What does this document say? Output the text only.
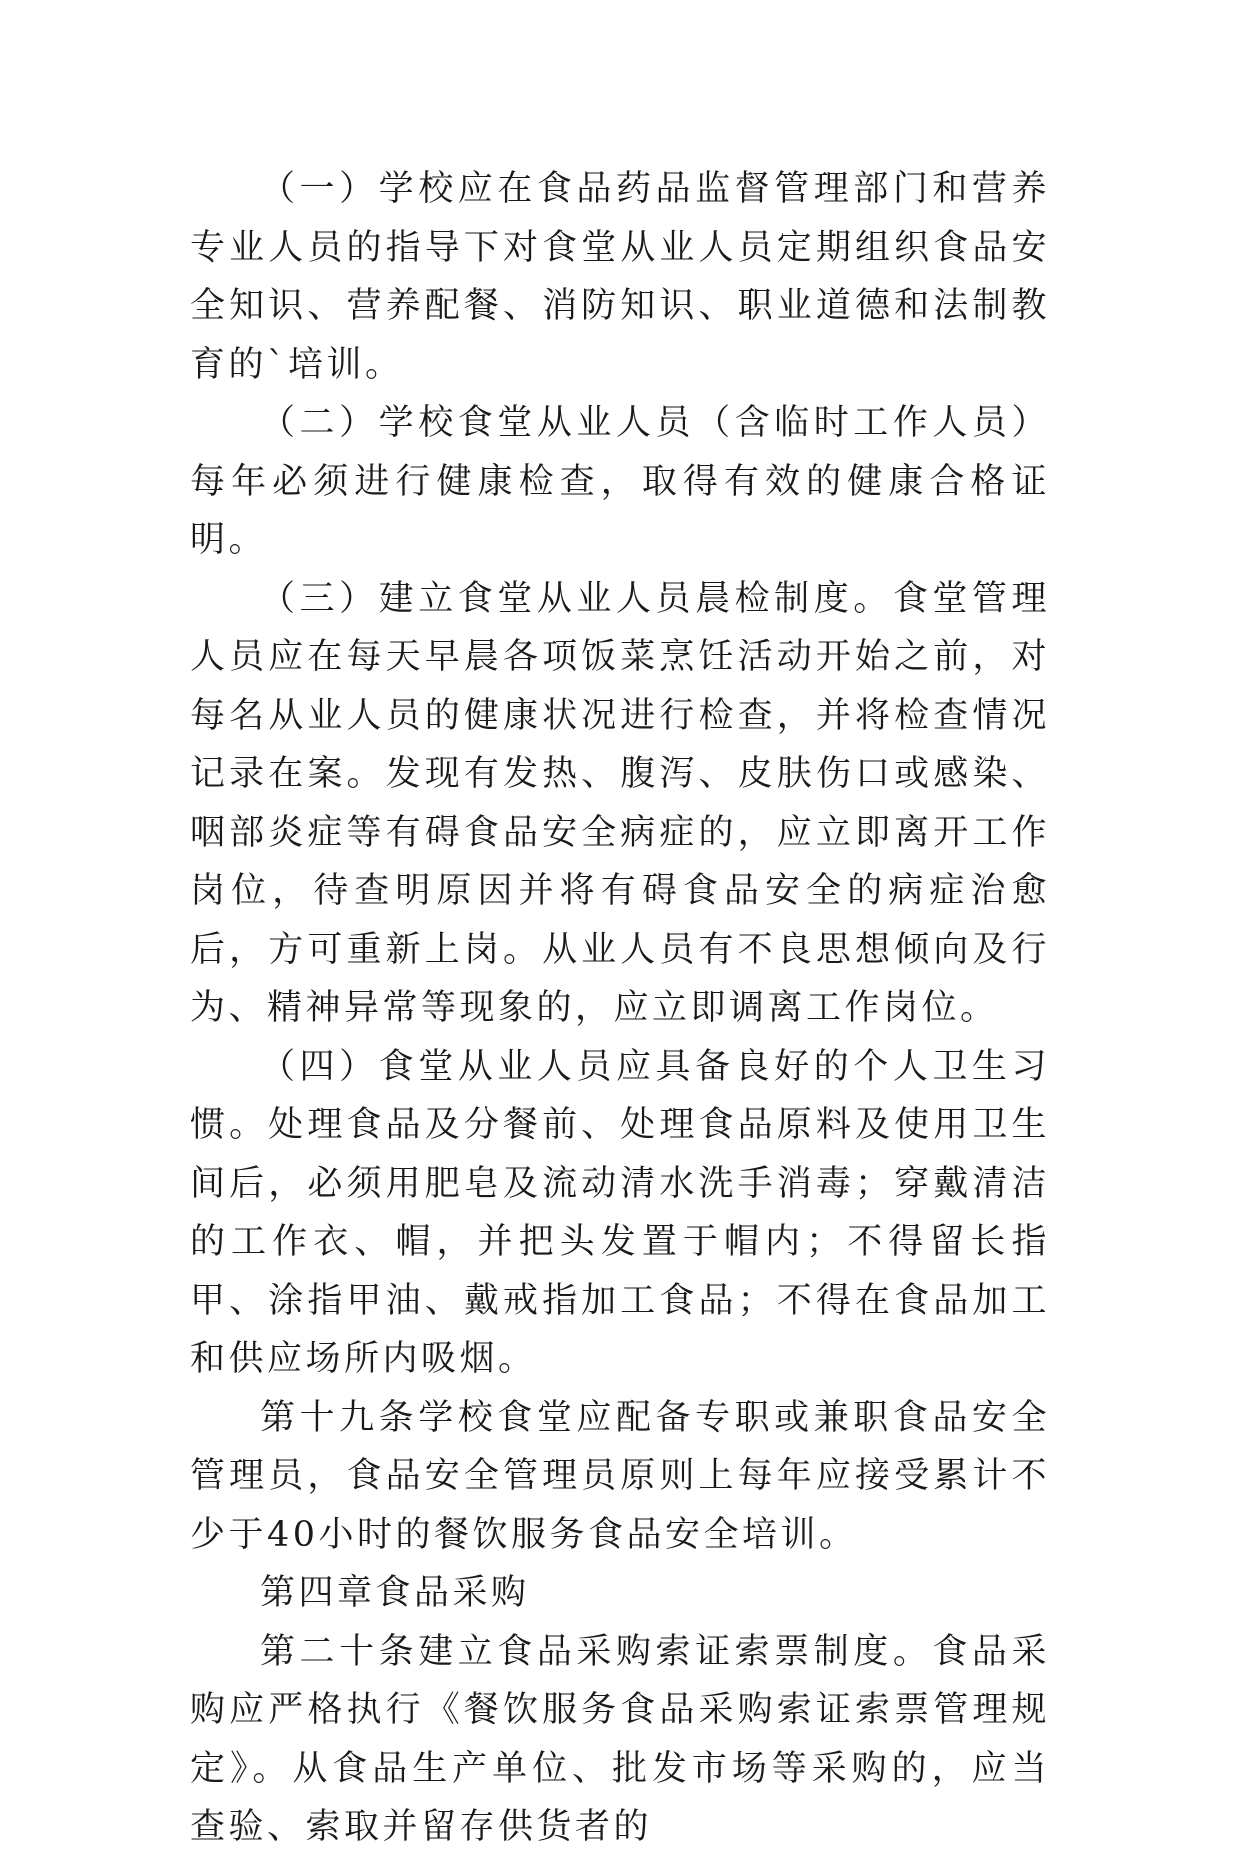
（一）学校应在食品药品监督管理部门和营养专业人员的指导下对食堂从业人员定期组织食品安全知识、营养配餐、消防知识、职业道德和法制教育的`培训。

（二）学校食堂从业人员（含临时工作人员）每年必须进行健康检查，取得有效的健康合格证明。

（三）建立食堂从业人员晨检制度。食堂管理人员应在每天早晨各项饭菜烹饪活动开始之前，对每名从业人员的健康状况进行检查，并将检查情况记录在案。发现有发热、腹泻、皮肤伤口或感染、咽部炎症等有碍食品安全病症的，应立即离开工作岗位，待查明原因并将有碍食品安全的病症治愈后，方可重新上岗。从业人员有不良思想倾向及行为、精神异常等现象的，应立即调离工作岗位。

（四）食堂从业人员应具备良好的个人卫生习惯。处理食品及分餐前、处理食品原料及使用卫生间后，必须用肥皂及流动清水洗手消毒；穿戴清洁的工作衣、帽，并把头发置于帽内；不得留长指甲、涂指甲油、戴戒指加工食品；不得在食品加工和供应场所内吸烟。

第十九条学校食堂应配备专职或兼职食品安全管理员，食品安全管理员原则上每年应接受累计不少于40小时的餐饮服务食品安全培训。

第四章食品采购

第二十条建立食品采购索证索票制度。食品采购应严格执行《餐饮服务食品采购索证索票管理规定》。从食品生产单位、批发市场等采购的，应当查验、索取并留存供货者的
